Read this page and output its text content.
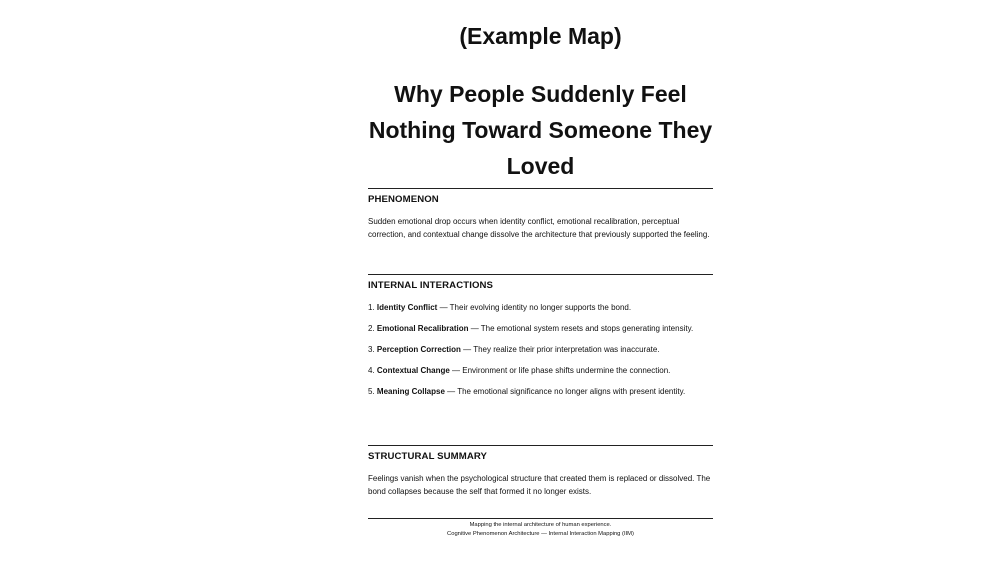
(Example Map)
Why People Suddenly Feel
Nothing Toward Someone They
Loved
PHENOMENON
Sudden emotional drop occurs when identity conflict, emotional recalibration, perceptual correction, and contextual change dissolve the architecture that previously supported the feeling.
INTERNAL INTERACTIONS
1. Identity Conflict — Their evolving identity no longer supports the bond.
2. Emotional Recalibration — The emotional system resets and stops generating intensity.
3. Perception Correction — They realize their prior interpretation was inaccurate.
4. Contextual Change — Environment or life phase shifts undermine the connection.
5. Meaning Collapse — The emotional significance no longer aligns with present identity.
STRUCTURAL SUMMARY
Feelings vanish when the psychological structure that created them is replaced or dissolved. The bond collapses because the self that formed it no longer exists.
Mapping the internal architecture of human experience.
Cognitive Phenomenon Architecture — Internal Interaction Mapping (IIM)
